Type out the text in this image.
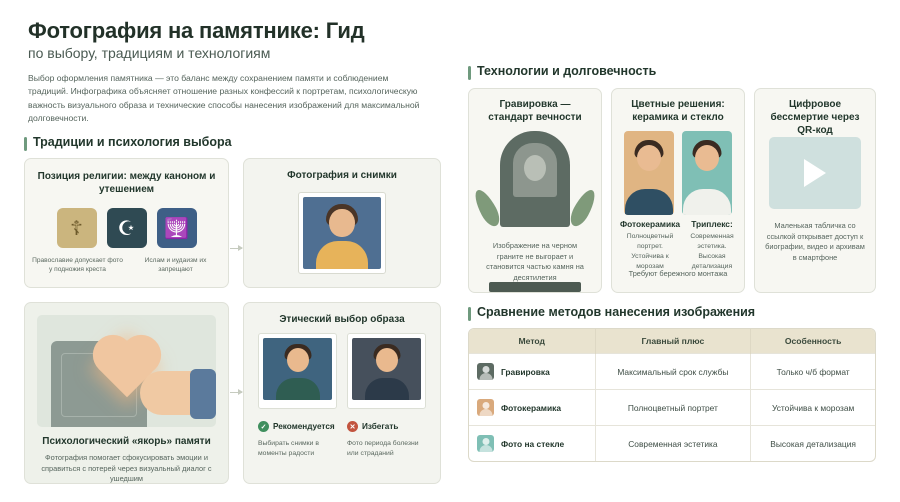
Фотография на памятнике: Гид
по выбору, традициям и технологиям
Выбор оформления памятника — это баланс между сохранением памяти и соблюдением традиций. Инфографика объясняет отношение разных конфессий к портретам, психологическую важность визуального образа и технические способы нанесения изображений для максимальной долговечности.
Традиции и психология выбора
Технологии и долговечность
Сравнение методов нанесения изображения
Позиция религии: между каноном и утешением
☦	☪	🕎
Православие допускает фото у подножия креста
Ислам и иудаизм их запрещают
Фотография и снимки
Психологический «якорь» памяти
Фотография помогает сфокусировать эмоции и справиться с потерей через визуальный диалог с ушедшим
Этический выбор образа
✓ Рекомендуется	✕ Избегать
Выбирать снимки в моменты радости
Фото периода болезни или страданий
Гравировка — стандарт вечности
Изображение на черном граните не выгорает и становится частью камня на десятилетия
Цветные решения: керамика и стекло
Фотокерамика
Полноцветный портрет. Устойчива к морозам
Триплекс:
Современная эстетика. Высокая детализация
Требуют бережного монтажа
Цифровое бессмертие через QR-код
Маленькая табличка со ссылкой открывает доступ к биографии, видео и архивам в смартфоне
Метод	Главный плюс	Особенность

Гравировка	Максимальный срок службы	Только ч/б формат

Фотокерамика	Полноцветный портрет	Устойчива к морозам

Фото на стекле	Современная эстетика	Высокая детализация
